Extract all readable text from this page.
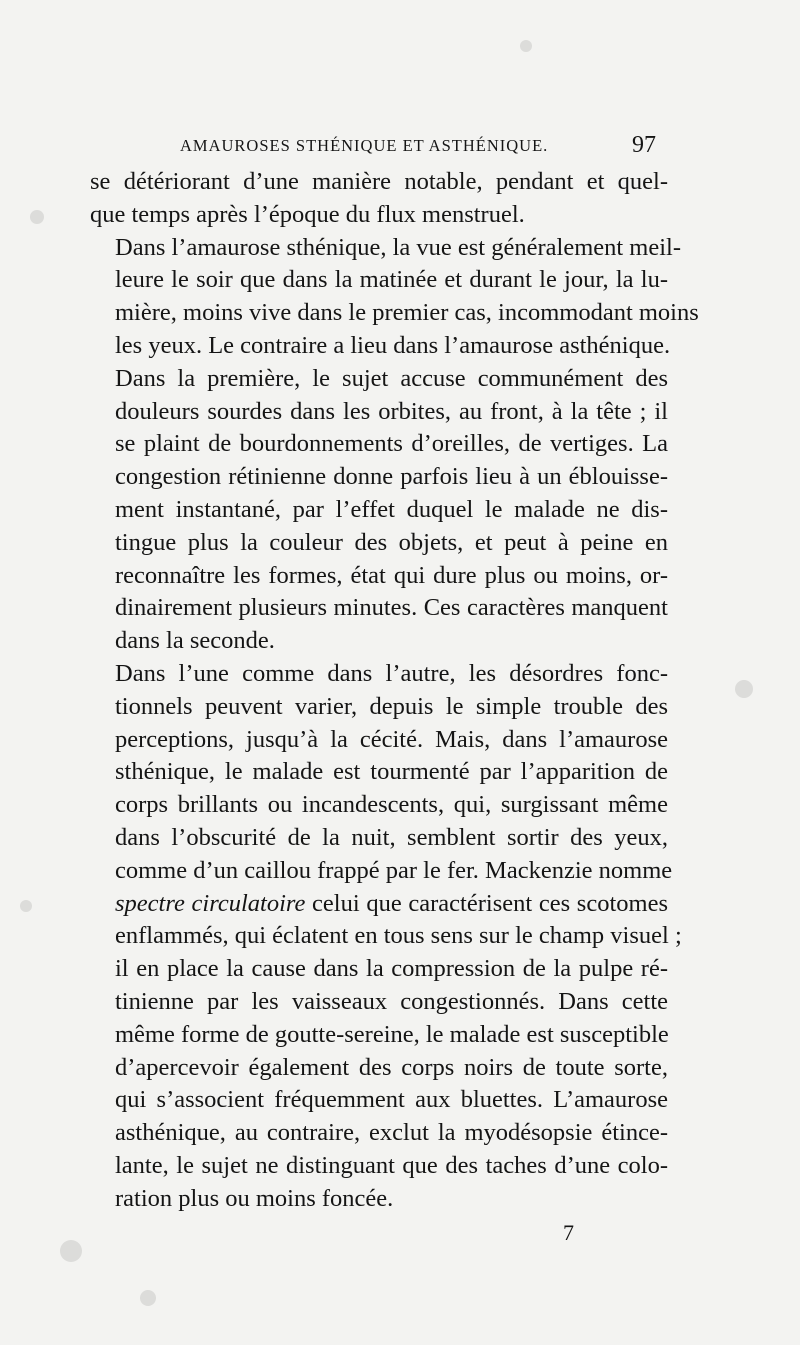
AMAUROSES STHÉNIQUE ET ASTHÉNIQUE.	97

se détériorant d’une manière notable, pendant et quel-
que temps après l’époque du flux menstruel.

Dans l’amaurose sthénique, la vue est généralement meil-
leure le soir que dans la matinée et durant le jour, la lu-
mière, moins vive dans le premier cas, incommodant moins
les yeux. Le contraire a lieu dans l’amaurose asthénique.

Dans la première, le sujet accuse communément des
douleurs sourdes dans les orbites, au front, à la tête ; il
se plaint de bourdonnements d’oreilles, de vertiges. La
congestion rétinienne donne parfois lieu à un éblouisse-
ment instantané, par l’effet duquel le malade ne dis-
tingue plus la couleur des objets, et peut à peine en
reconnaître les formes, état qui dure plus ou moins, or-
dinairement plusieurs minutes. Ces caractères manquent
dans la seconde.

Dans l’une comme dans l’autre, les désordres fonc-
tionnels peuvent varier, depuis le simple trouble des
perceptions, jusqu’à la cécité. Mais, dans l’amaurose
sthénique, le malade est tourmenté par l’apparition de
corps brillants ou incandescents, qui, surgissant même
dans l’obscurité de la nuit, semblent sortir des yeux,
comme d’un caillou frappé par le fer. Mackenzie nomme
spectre circulatoire celui que caractérisent ces scotomes
enflammés, qui éclatent en tous sens sur le champ visuel ;
il en place la cause dans la compression de la pulpe ré-
tinienne par les vaisseaux congestionnés. Dans cette
même forme de goutte-sereine, le malade est susceptible
d’apercevoir également des corps noirs de toute sorte,
qui s’associent fréquemment aux bluettes. L’amaurose
asthénique, au contraire, exclut la myodésopsie étince-
lante, le sujet ne distinguant que des taches d’une colo-
ration plus ou moins foncée.

7
